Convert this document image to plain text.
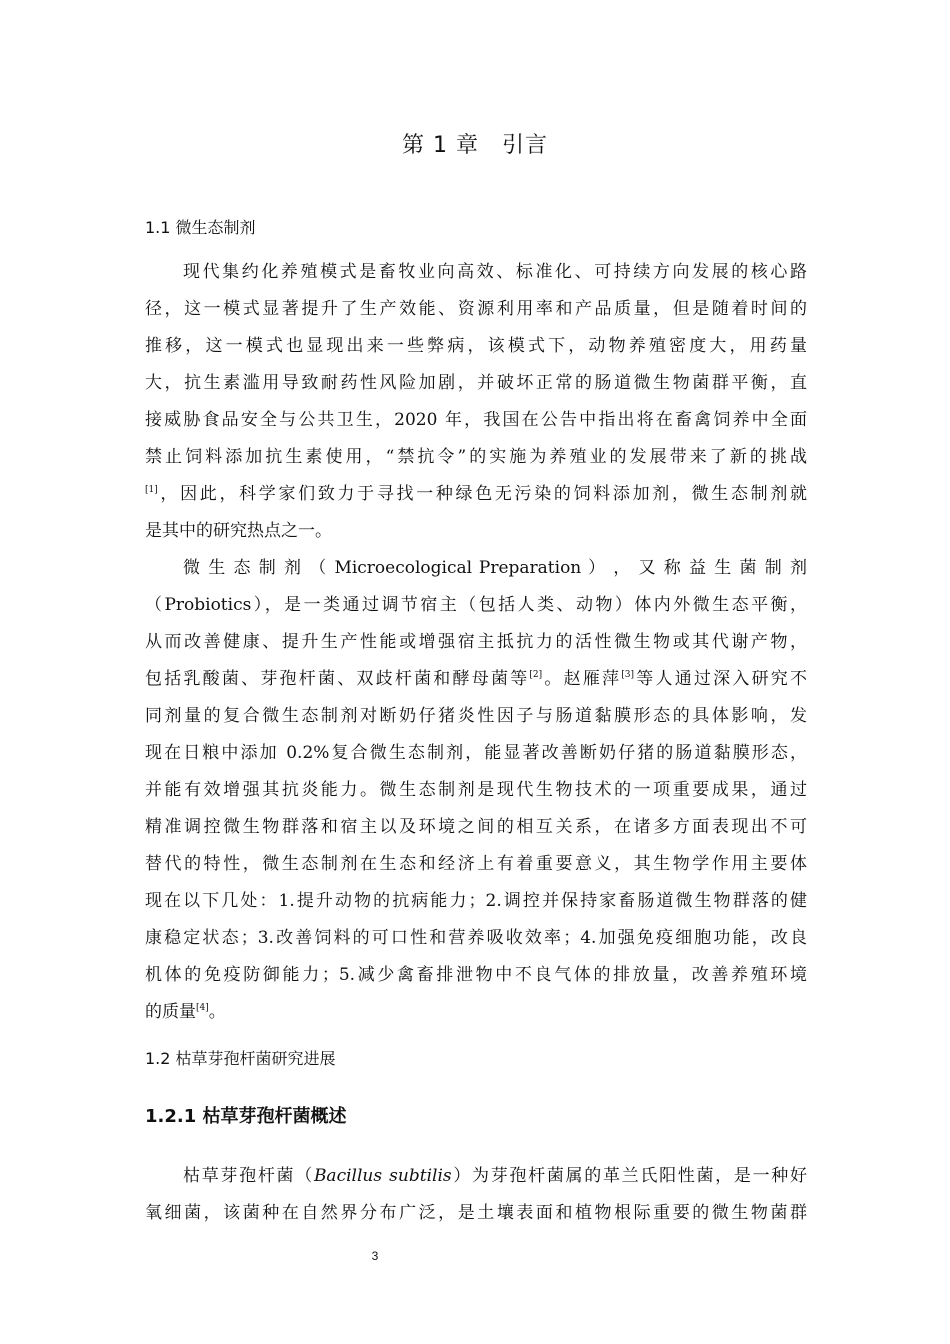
第 1 章　引言
1.1 微生态制剂
现代集约化养殖模式是畜牧业向高效、标准化、可持续方向发展的核心路
径，这一模式显著提升了生产效能、资源利用率和产品质量，但是随着时间的
推移，这一模式也显现出来一些弊病，该模式下，动物养殖密度大，用药量
大，抗生素滥用导致耐药性风险加剧，并破坏正常的肠道微生物菌群平衡，直
接威胁食品安全与公共卫生，2020 年，我国在公告中指出将在畜禽饲养中全面
禁止饲料添加抗生素使用，“禁抗令”的实施为养殖业的发展带来了新的挑战
[1]，因此，科学家们致力于寻找一种绿色无污染的饲料添加剂，微生态制剂就
是其中的研究热点之一。
微 生 态 制 剂 （ Microecological Preparation ） ， 又 称 益 生 菌 制 剂
（Probiotics），是一类通过调节宿主（包括人类、动物）体内外微生态平衡，
从而改善健康、提升生产性能或增强宿主抵抗力的活性微生物或其代谢产物，
包括乳酸菌、芽孢杆菌、双歧杆菌和酵母菌等[2]。赵雁萍[3]等人通过深入研究不
同剂量的复合微生态制剂对断奶仔猪炎性因子与肠道黏膜形态的具体影响，发
现在日粮中添加 0.2%复合微生态制剂，能显著改善断奶仔猪的肠道黏膜形态，
并能有效增强其抗炎能力。微生态制剂是现代生物技术的一项重要成果，通过
精准调控微生物群落和宿主以及环境之间的相互关系，在诸多方面表现出不可
替代的特性，微生态制剂在生态和经济上有着重要意义，其生物学作用主要体
现在以下几处：1.提升动物的抗病能力；2.调控并保持家畜肠道微生物群落的健
康稳定状态；3.改善饲料的可口性和营养吸收效率；4.加强免疫细胞功能，改良
机体的免疫防御能力；5.减少禽畜排泄物中不良气体的排放量，改善养殖环境
的质量[4]。
1.2 枯草芽孢杆菌研究进展
1.2.1 枯草芽孢杆菌概述
枯草芽孢杆菌（Bacillus subtilis）为芽孢杆菌属的革兰氏阳性菌，是一种好
氧细菌，该菌种在自然界分布广泛，是土壤表面和植物根际重要的微生物菌群
3
